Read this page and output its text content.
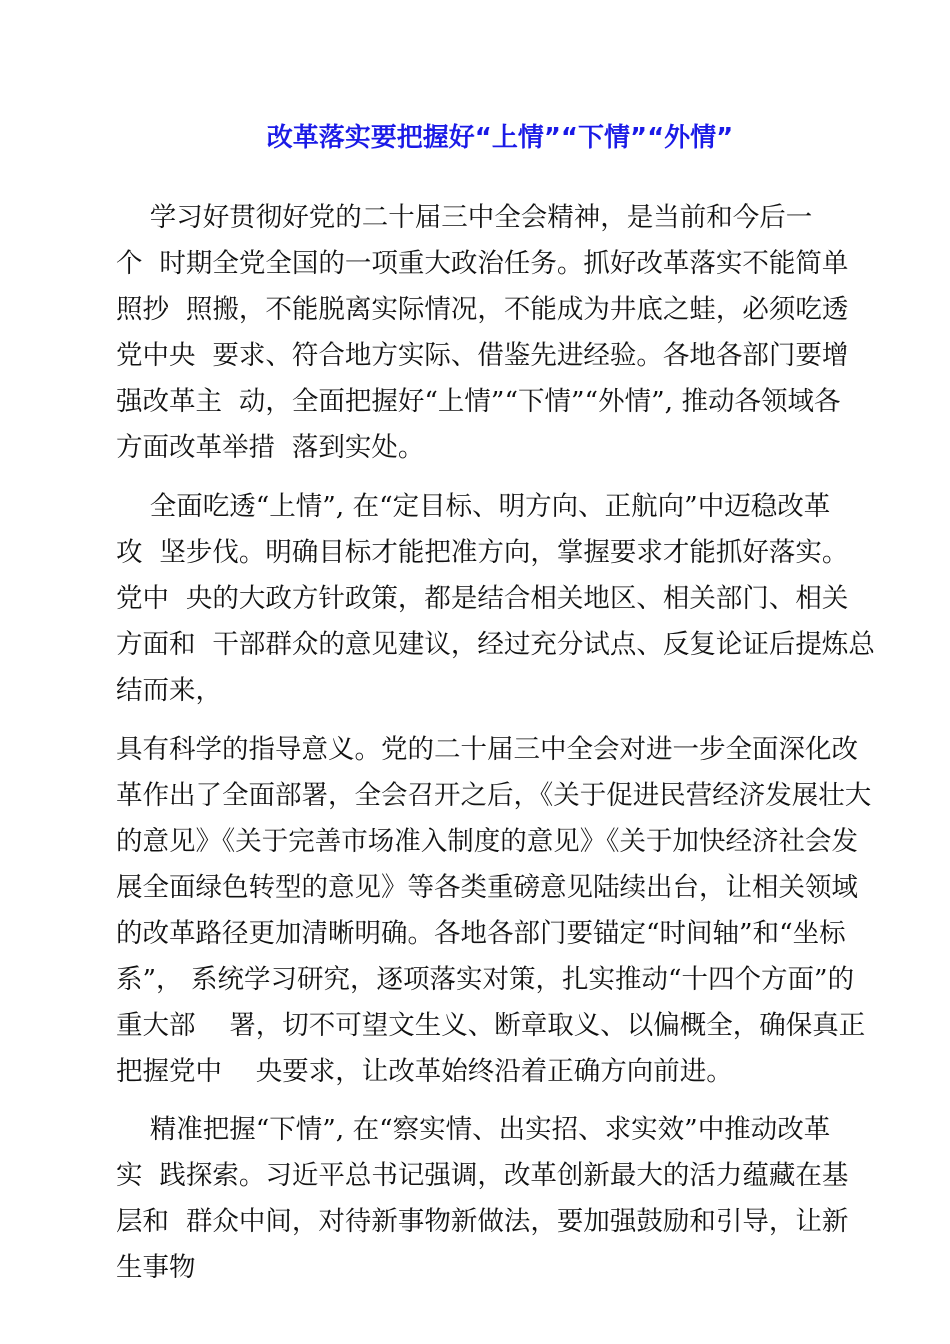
改革落实要把握好“上情”“下情”“外情”
学习好贯彻好党的二十届三中全会精神，是当前和今后一
个  时期全党全国的一项重大政治任务。抓好改革落实不能简单
照抄  照搬，不能脱离实际情况，不能成为井底之蛙，必须吃透
党中央  要求、符合地方实际、借鉴先进经验。各地各部门要增
强改革主  动，全面把握好“上情”“下情”“外情”, 推动各领域各
方面改革举措  落到实处。
全面吃透“上情”, 在“定目标、明方向、正航向”中迈稳改革
攻  坚步伐。明确目标才能把准方向，掌握要求才能抓好落实。
党中  央的大政方针政策，都是结合相关地区、相关部门、相关
方面和  干部群众的意见建议，经过充分试点、反复论证后提炼总
结而来，
具有科学的指导意义。党的二十届三中全会对进一步全面深化改
革作出了全面部署，全会召开之后，《关于促进民营经济发展壮大
的意见》《关于完善市场准入制度的意见》《关于加快经济社会发
展全面绿色转型的意见》等各类重磅意见陆续出台，让相关领域
的改革路径更加清晰明确。各地各部门要锚定“时间轴”和“坐标
系”， 系统学习研究，逐项落实对策，扎实推动“十四个方面”的
重大部    署，切不可望文生义、断章取义、以偏概全，确保真正
把握党中    央要求，让改革始终沿着正确方向前进。
精准把握“下情”, 在“察实情、出实招、求实效”中推动改革
实  践探索。习近平总书记强调，改革创新最大的活力蕴藏在基
层和  群众中间，对待新事物新做法，要加强鼓励和引导，让新
生事物
